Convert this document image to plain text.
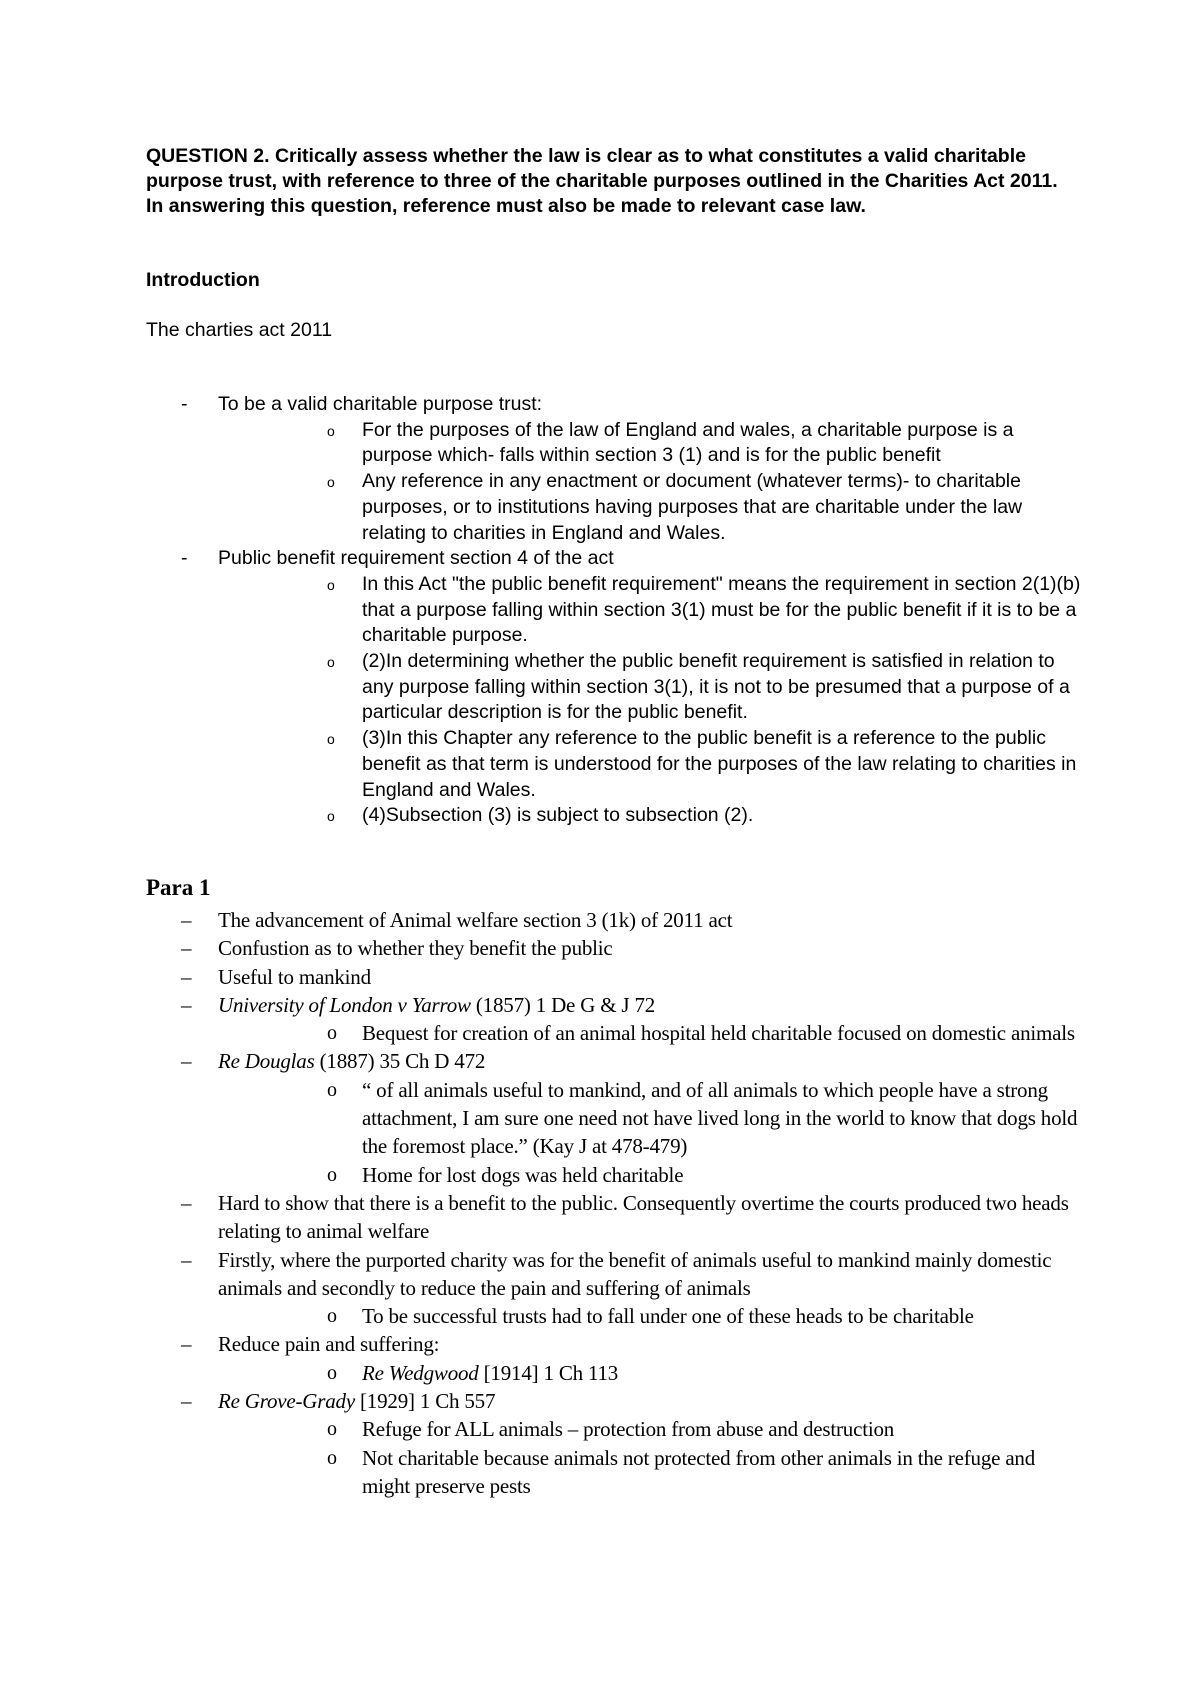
QUESTION 2. Critically assess whether the law is clear as to what constitutes a valid charitable purpose trust, with reference to three of the charitable purposes outlined in the Charities Act 2011. In answering this question, reference must also be made to relevant case law.

Introduction

The charties act 2011

- To be a valid charitable purpose trust:
o For the purposes of the law of England and wales, a charitable purpose is a purpose which- falls within section 3 (1) and is for the public benefit
o Any reference in any enactment or document (whatever terms)- to charitable purposes, or to institutions having purposes that are charitable under the law relating to charities in England and Wales.
- Public benefit requirement section 4 of the act
o In this Act "the public benefit requirement" means the requirement in section 2(1)(b) that a purpose falling within section 3(1) must be for the public benefit if it is to be a charitable purpose.
o (2)In determining whether the public benefit requirement is satisfied in relation to any purpose falling within section 3(1), it is not to be presumed that a purpose of a particular description is for the public benefit.
o (3)In this Chapter any reference to the public benefit is a reference to the public benefit as that term is understood for the purposes of the law relating to charities in England and Wales.
o (4)Subsection (3) is subject to subsection (2).

Para 1

– The advancement of Animal welfare section 3 (1k) of 2011 act
– Confustion as to whether they benefit the public
– Useful to mankind
– University of London v Yarrow (1857) 1 De G & J 72
o Bequest for creation of an animal hospital held charitable focused on domestic animals
– Re Douglas (1887) 35 Ch D 472
o “ of all animals useful to mankind, and of all animals to which people have a strong attachment, I am sure one need not have lived long in the world to know that dogs hold the foremost place.” (Kay J at 478-479)
o Home for lost dogs was held charitable
– Hard to show that there is a benefit to the public. Consequently overtime the courts produced two heads relating to animal welfare
– Firstly, where the purported charity was for the benefit of animals useful to mankind mainly domestic animals and secondly to reduce the pain and suffering of animals
o To be successful trusts had to fall under one of these heads to be charitable
– Reduce pain and suffering:
o Re Wedgwood [1914] 1 Ch 113
– Re Grove-Grady [1929] 1 Ch 557
o Refuge for ALL animals – protection from abuse and destruction
o Not charitable because animals not protected from other animals in the refuge and might preserve pests
